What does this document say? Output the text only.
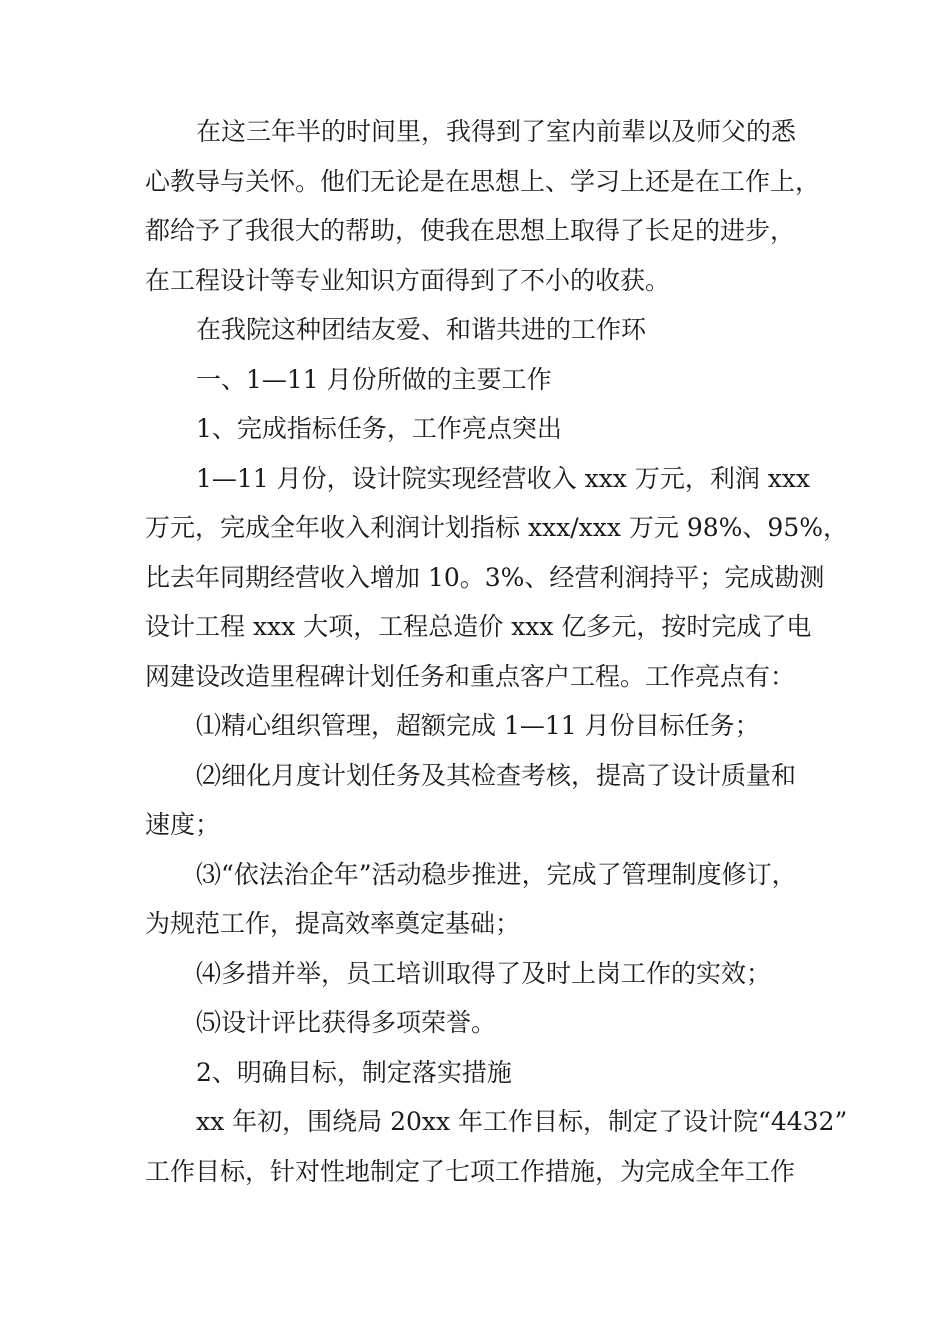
在这三年半的时间里，我得到了室内前辈以及师父的悉
心教导与关怀。他们无论是在思想上、学习上还是在工作上，
都给予了我很大的帮助，使我在思想上取得了长足的进步，
在工程设计等专业知识方面得到了不小的收获。
在我院这种团结友爱、和谐共进的工作环
一、1—11 月份所做的主要工作
1、完成指标任务，工作亮点突出
1—11 月份，设计院实现经营收入 xxx 万元，利润 xxx
万元，完成全年收入利润计划指标 xxx/xxx 万元 98%、95%，
比去年同期经营收入增加 10。3%、经营利润持平；完成勘测
设计工程 xxx 大项，工程总造价 xxx 亿多元，按时完成了电
网建设改造里程碑计划任务和重点客户工程。工作亮点有：
⑴精心组织管理，超额完成 1—11 月份目标任务；
⑵细化月度计划任务及其检查考核，提高了设计质量和
速度；
⑶“依法治企年”活动稳步推进，完成了管理制度修订，
为规范工作，提高效率奠定基础；
⑷多措并举，员工培训取得了及时上岗工作的实效；
⑸设计评比获得多项荣誉。
2、明确目标，制定落实措施
xx 年初，围绕局 20xx 年工作目标，制定了设计院“4432”
工作目标，针对性地制定了七项工作措施，为完成全年工作
